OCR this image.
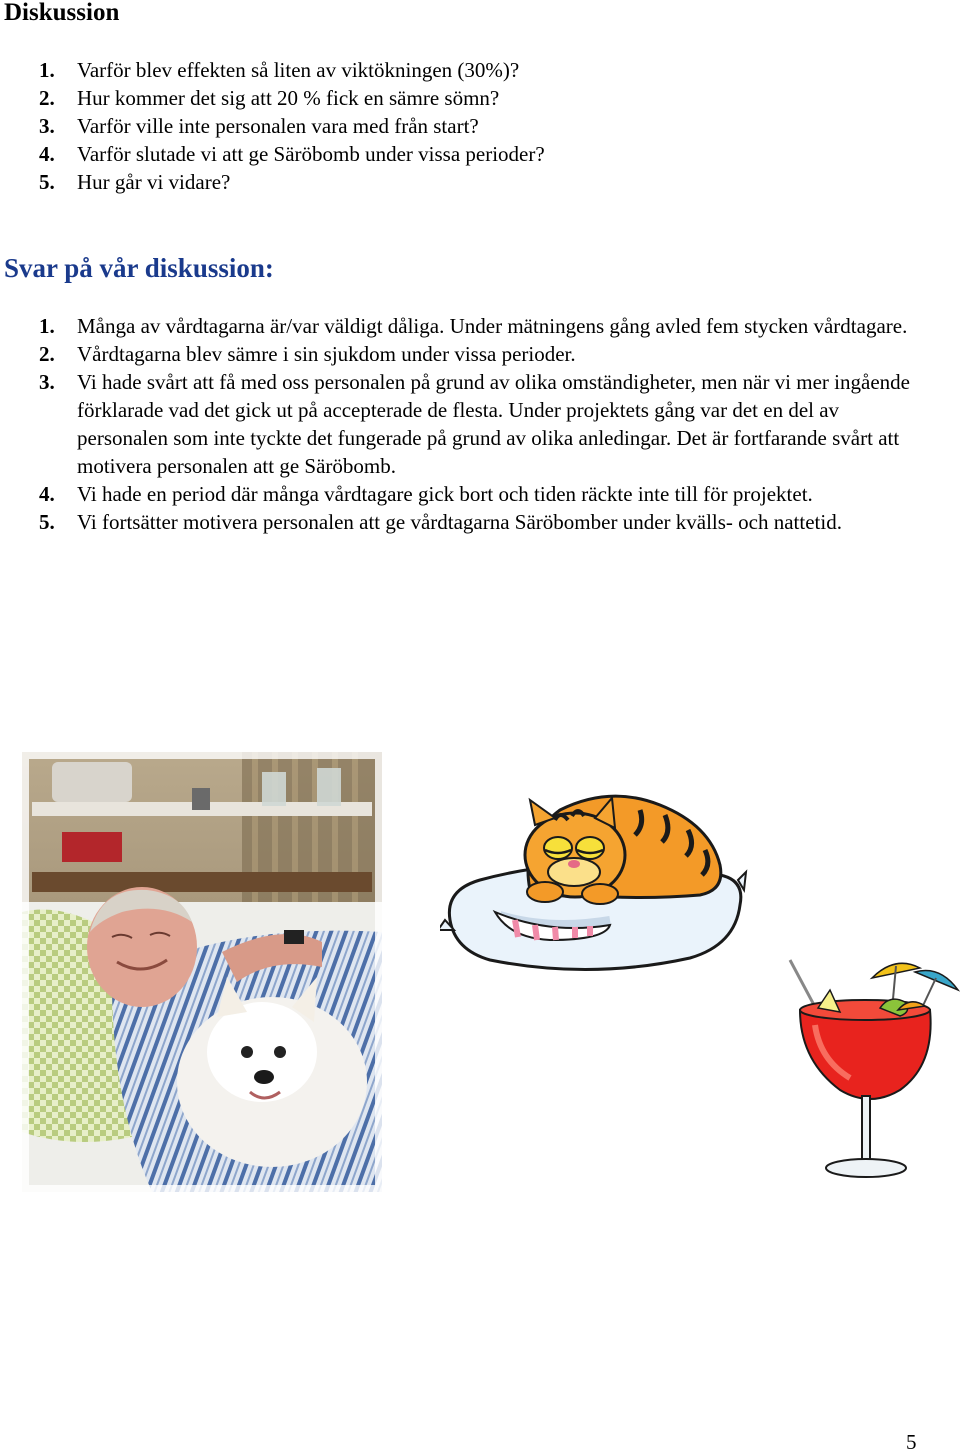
Diskussion
1. Varför blev effekten så liten av viktökningen (30%)?
2. Hur kommer det sig att 20 % fick en sämre sömn?
3. Varför ville inte personalen vara med från start?
4. Varför slutade vi att ge Säröbomb under vissa perioder?
5. Hur går vi vidare?
Svar på vår diskussion:
1. Många av vårdtagarna är/var väldigt dåliga. Under mätningens gång avled fem stycken vårdtagare.
2. Vårdtagarna blev sämre i sin sjukdom under vissa perioder.
3. Vi hade svårt att få med oss personalen på grund av olika omständigheter, men när vi mer ingående förklarade vad det gick ut på accepterade de flesta. Under projektets gång var det en del av personalen som inte tyckte det fungerade på grund av olika anledingar. Det är fortfarande svårt att motivera personalen att ge Säröbomb.
4. Vi hade en period där många vårdtagare gick bort och tiden räckte inte till för projektet.
5. Vi fortsätter motivera personalen att ge vårdtagarna Säröbomber under kvälls- och nattetid.
5
